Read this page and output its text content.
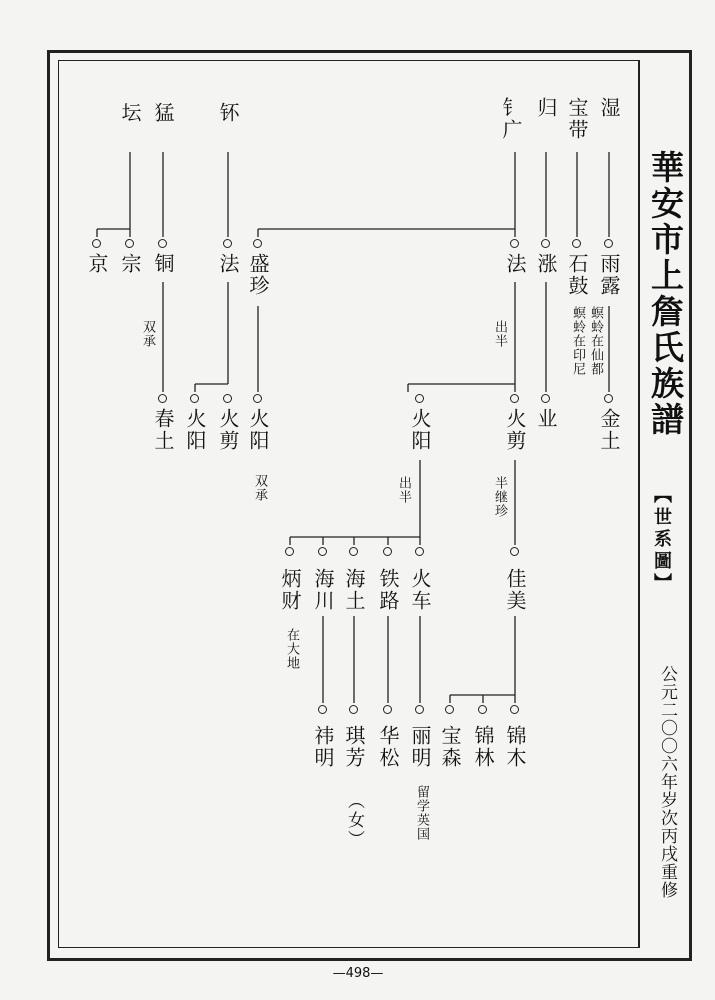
湿
宝带
归
钅广
钚
猛
坛
雨露
石鼓
涨
法
盛珍
法
铜
宗
京
螟蛉在仙都
螟蛉在印尼
金土
业
火剪
火阳
火阳
火剪
火阳
春土
出半
双承
双承
佳美
火车
铁路
海土
海川
炳财
半继珍
出半
在大地
锦木
锦林
宝森
丽明
华松
琪芳
祎明
留学英国
（女）
華安市上詹氏族譜
【世系圖】
公元二〇〇六年岁次丙戌重修
—498—
